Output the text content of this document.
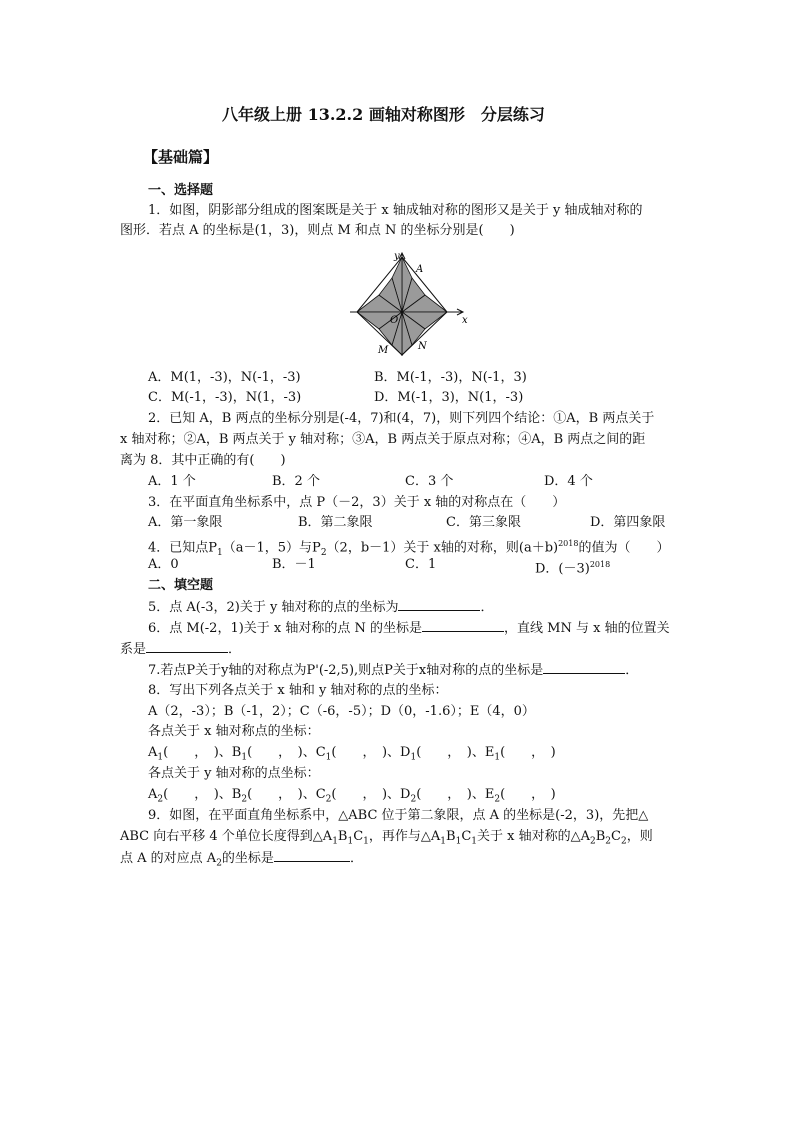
八年级上册 13.2.2 画轴对称图形　分层练习
【基础篇】
一、选择题
1．如图，阴影部分组成的图案既是关于 x 轴成轴对称的图形又是关于 y 轴成轴对称的
图形．若点 A 的坐标是(1，3)，则点 M 和点 N 的坐标分别是(　　)
y
x
A
O
M	N
A．M(1，-3)，N(-1，-3)	B．M(-1，-3)，N(-1，3)
C．M(-1，-3)，N(1，-3)	D．M(-1，3)，N(1，-3)
2．已知 A，B 两点的坐标分别是(-4，7)和(4，7)，则下列四个结论：①A，B 两点关于
x 轴对称；②A，B 两点关于 y 轴对称；③A，B 两点关于原点对称；④A，B 两点之间的距
离为 8．其中正确的有(　　)
A．1 个	B．2 个	C．3 个	D．4 个
3．在平面直角坐标系中，点 P（－2，3）关于 x 轴的对称点在（　　）
A．第一象限	B．第二象限	C．第三象限	D．第四象限
4．已知点$P_1(a-1$，5）与$P_2(2$，b－1）关于 x轴的对称，则$(a+b)^{2018}$的值为（　　）
A．0	B．－1	C．1	D．$(-3)^{2018}$
二、填空题
5．点 A(-3，2)关于 y 轴对称的点的坐标为	．
6．点 M(-2，1)关于 x 轴对称的点 N 的坐标是	，直线 MN 与 x 轴的位置关
系是	．
7.若点P关于y轴的对称点为P'(-2,5),则点P关于x轴对称的点的坐标是	．
8．写出下列各点关于 x 轴和 y 轴对称的点的坐标：
A（2，-3）；B（-1，2）；C（-6，-5）；D（0，-1.6）；E（4，0）
各点关于 x 轴对称点的坐标：
$A_1$(　　，　)、$B_1$(　　，　)、$C_1$(　　，　)、$D_1$(　　，　)、$E_1$(　　，　)
各点关于 y 轴对称的点坐标：
$A_2$(　　，　)、$B_2$(　　，　)、$C_2$(　　，　)、$D_2$(　　，　)、$E_2$(　　，　)
9．如图，在平面直角坐标系中，△ABC 位于第二象限，点 A 的坐标是(-2，3)，先把△
ABC 向右平移 4 个单位长度得到$\triangle A_1B_1C_1$，再作与$\triangle A_1B_1C_1$关于 x 轴对称的$\triangle A_2B_2C_2$，则
点 A 的对应点 $A_2$的坐标是	．
